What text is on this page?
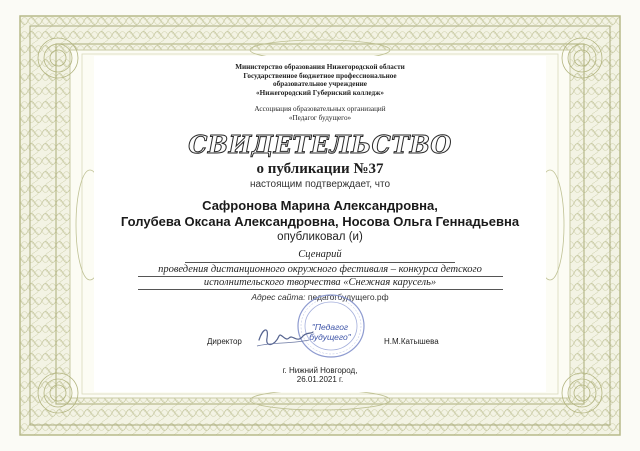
Министерство образования Нижегородской области
Государственное бюджетное профессиональное
образовательное учреждение
«Нижегородский Губернский колледж»
Ассоциация образовательных организаций
«Педагог будущего»
СВИДЕТЕЛЬСТВО
о публикации №37
настоящим подтверждает, что
Сафронова Марина Александровна,
Голубева Оксана Александровна, Носова Ольга Геннадьевна
опубликовал (и)
Сценарий
проведения дистанционного окружного фестиваля – конкурса детского
исполнительского творчества «Снежная карусель»
Адрес сайта: педагогбудущего.рф
"Педагог
будущего"
Директор	Н.М.Катышева
г. Нижний Новгород,
26.01.2021 г.
